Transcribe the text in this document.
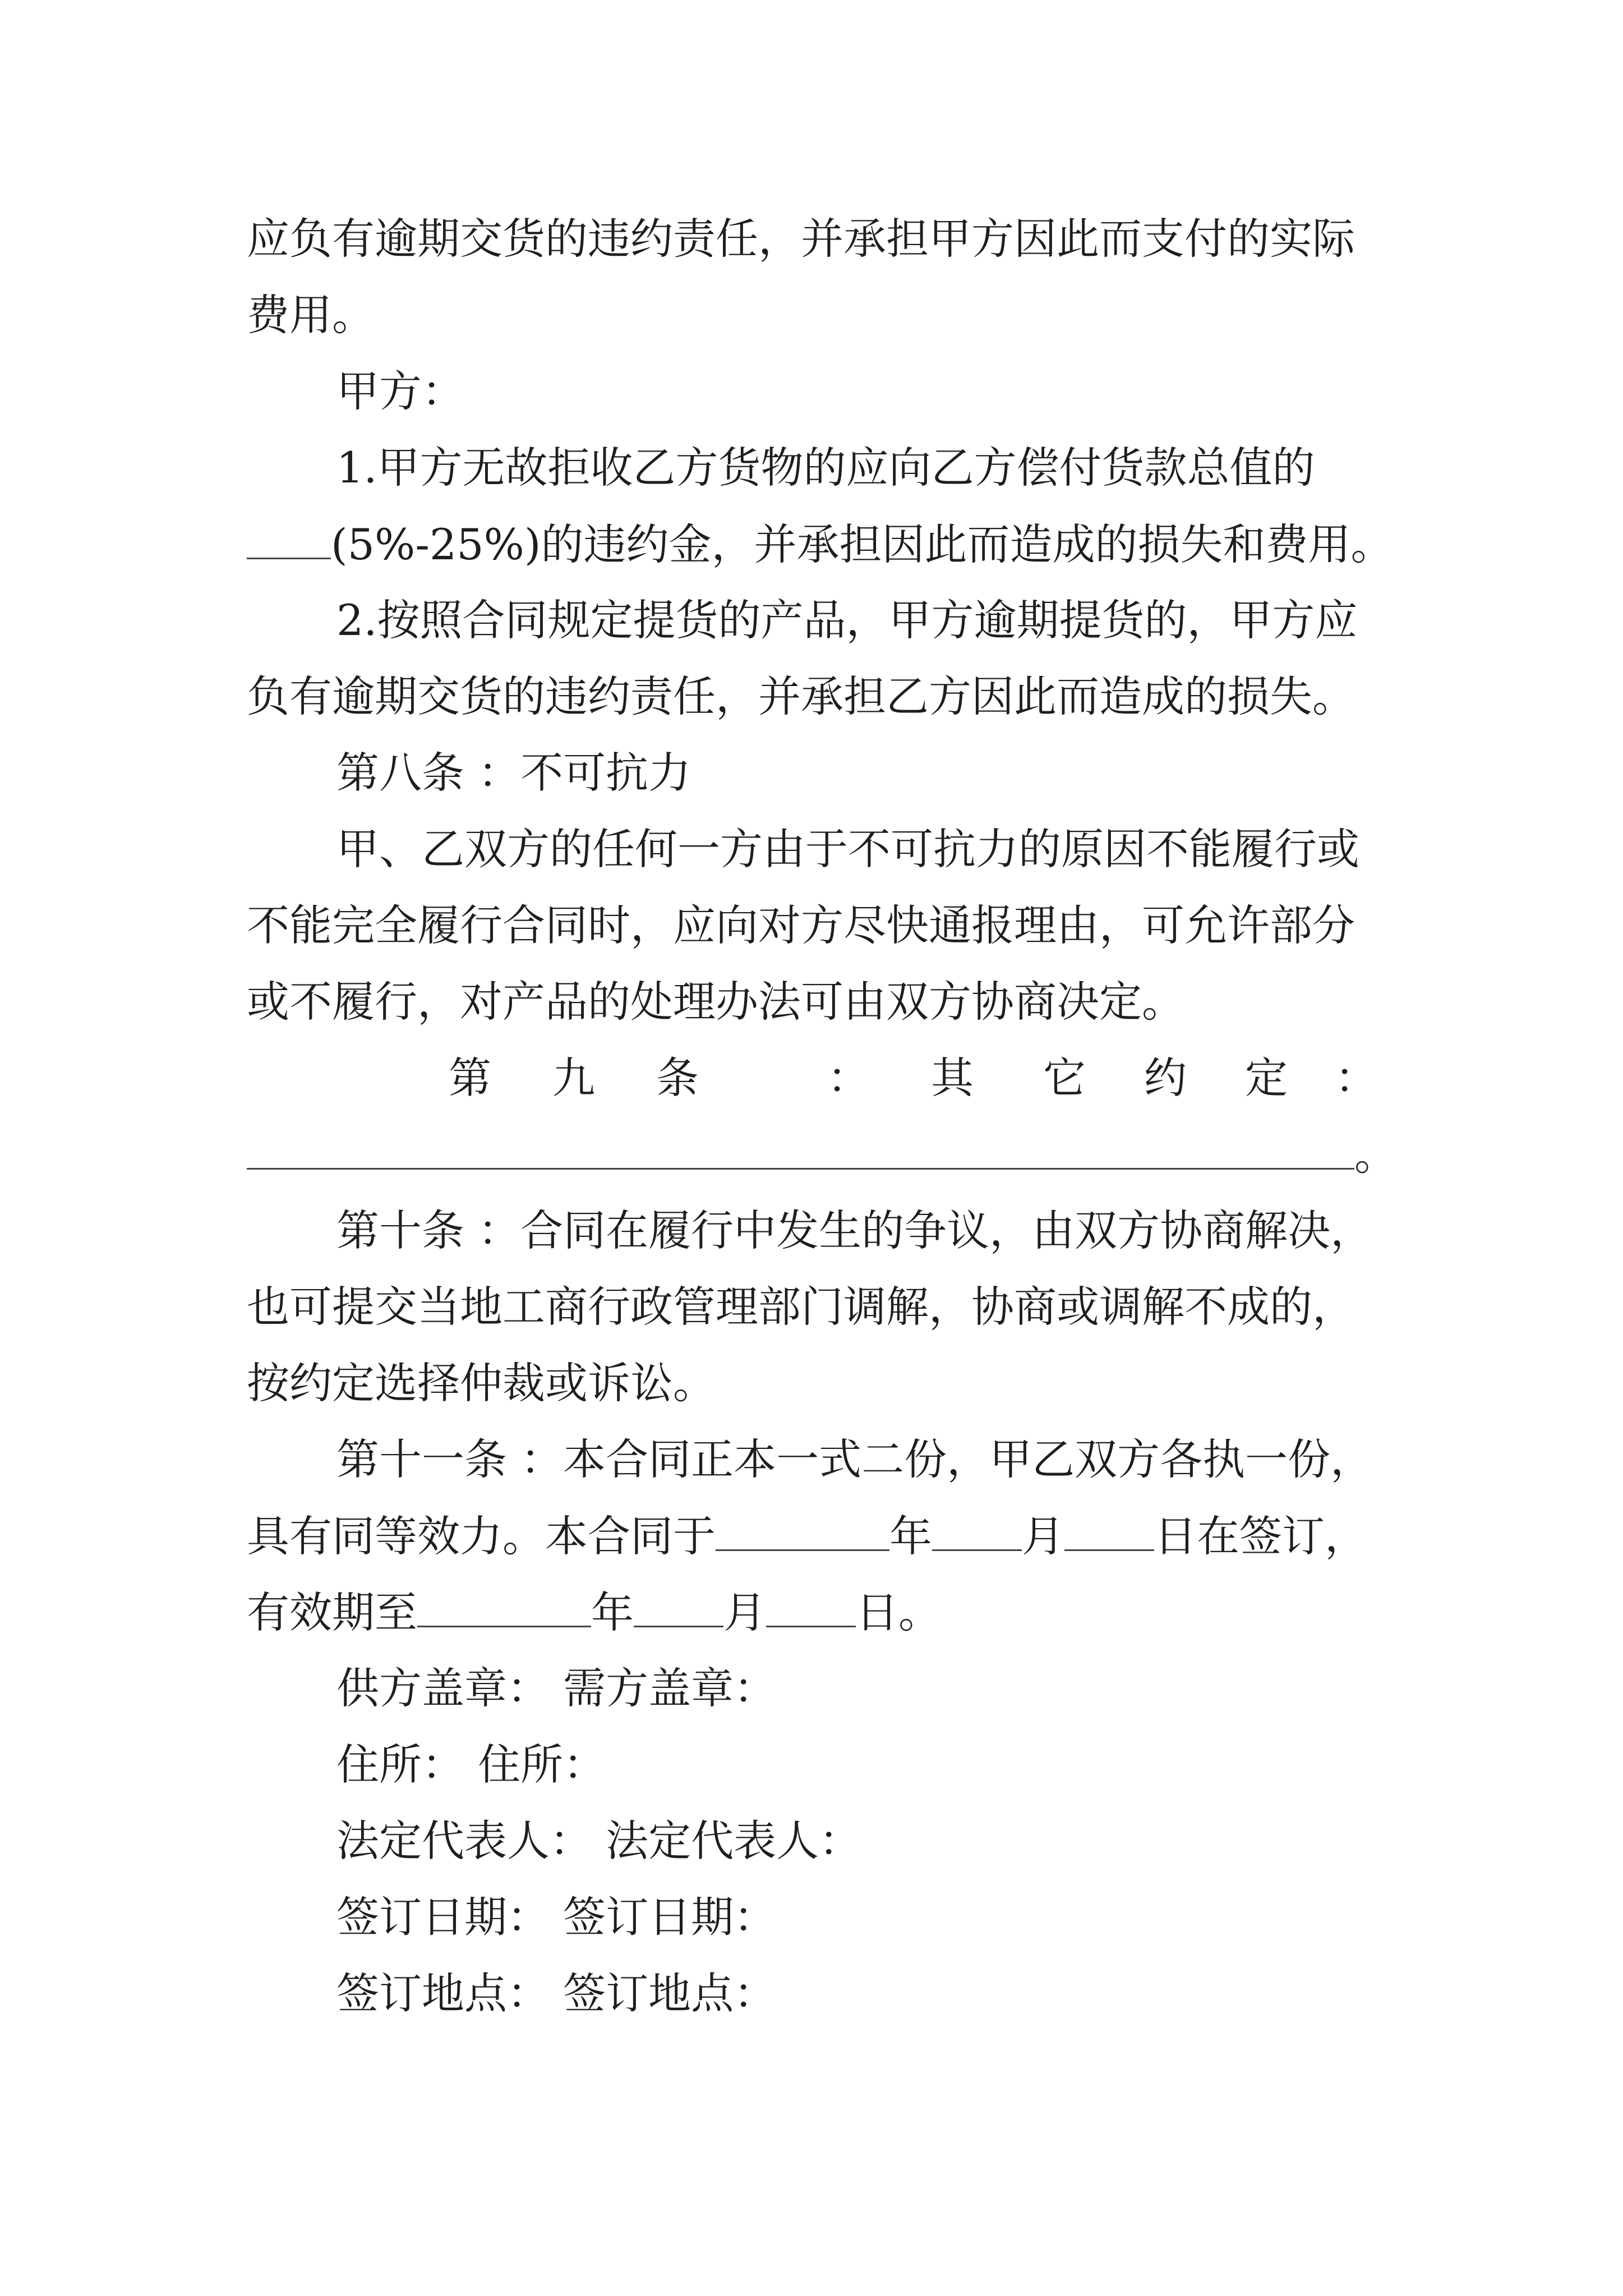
应负有逾期交货的违约责任，并承担甲方因此而支付的实际
费用。
甲方：
1.甲方无故拒收乙方货物的应向乙方偿付货款总值的
(5%-25%)的违约金，并承担因此而造成的损失和费用。
2.按照合同规定提货的产品，甲方逾期提货的，甲方应
负有逾期交货的违约责任，并承担乙方因此而造成的损失。
第八条 ：不可抗力
甲、乙双方的任何一方由于不可抗力的原因不能履行或
不能完全履行合同时，应向对方尽快通报理由，可允许部分
或不履行，对产品的处理办法可由双方协商决定。
第 九 条	： 其 它 约 定 ：
。
第十条 ：合同在履行中发生的争议，由双方协商解决，
也可提交当地工商行政管理部门调解，协商或调解不成的，
按约定选择仲裁或诉讼。
第十一条 ：本合同正本一式二份，甲乙双方各执一份，
具有同等效力。本合同于	年 月 日在签订，
有效期至	年 月 日。
供方盖章： 需方盖章：
住所： 住所：
法定代表人： 法定代表人：
签订日期： 签订日期：
签订地点： 签订地点：
